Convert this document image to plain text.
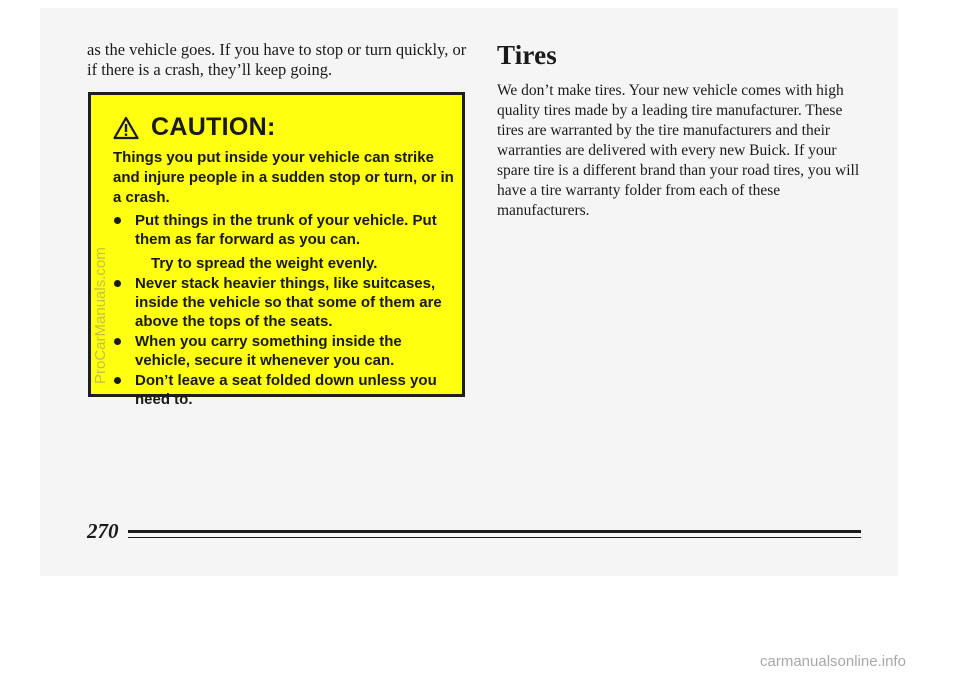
as the vehicle goes. If you have to stop or turn quickly, or if there is a crash, they’ll keep going.

CAUTION:
Things you put inside your vehicle can strike and injure people in a sudden stop or turn, or in a crash.
Put things in the trunk of your vehicle. Put them as far forward as you can.
Try to spread the weight evenly.
Never stack heavier things, like suitcases, inside the vehicle so that some of them are above the tops of the seats.
When you carry something inside the vehicle, secure it whenever you can.
Don’t leave a seat folded down unless you need to.
Tires

We don’t make tires. Your new vehicle comes with high quality tires made by a leading tire manufacturer. These tires are warranted by the tire manufacturers and their warranties are delivered with every new Buick. If your spare tire is a different brand than your road tires, you will have a tire warranty folder from each of these manufacturers.

270
ProCarManuals.com
carmanualsonline.info
